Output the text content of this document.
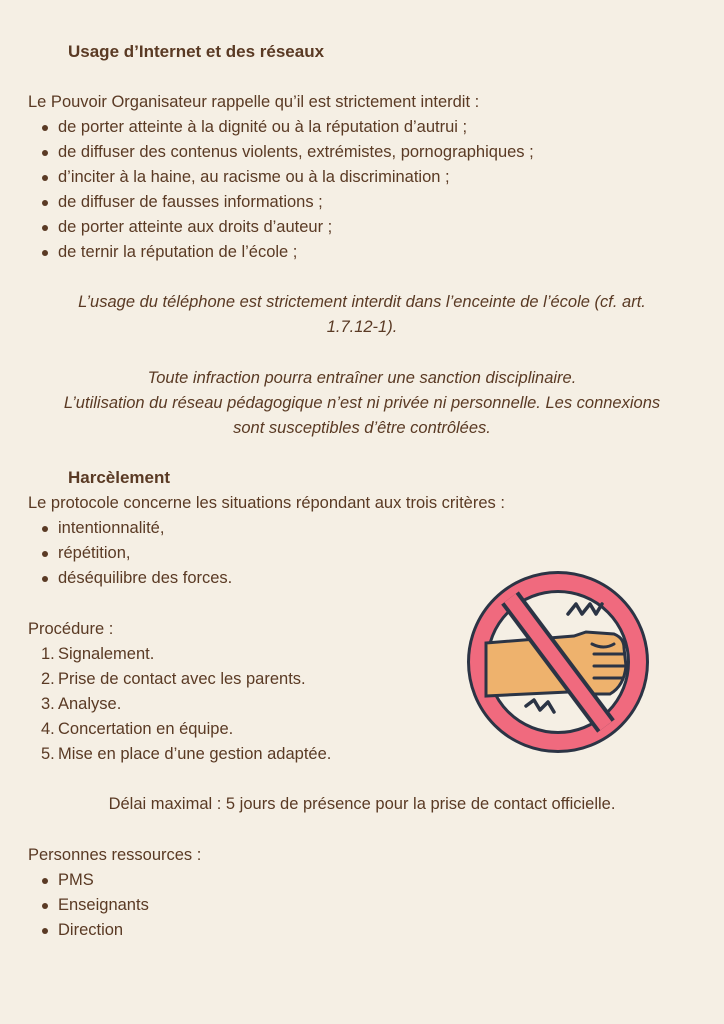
Usage d’Internet et des réseaux
Le Pouvoir Organisateur rappelle qu’il est strictement interdit :
de porter atteinte à la dignité ou à la réputation d’autrui ;
de diffuser des contenus violents, extrémistes, pornographiques ;
d’inciter à la haine, au racisme ou à la discrimination ;
de diffuser de fausses informations ;
de porter atteinte aux droits d’auteur ;
de ternir la réputation de l’école ;
L’usage du téléphone est strictement interdit dans l’enceinte de l’école (cf. art.
1.7.12-1).
Toute infraction pourra entraîner une sanction disciplinaire.
L’utilisation du réseau pédagogique n’est ni privée ni personnelle. Les connexions
sont susceptibles d’être contrôlées.
Harcèlement
Le protocole concerne les situations répondant aux trois critères :
intentionnalité,
répétition,
déséquilibre des forces.
Procédure :
1. Signalement.
2. Prise de contact avec les parents.
3. Analyse.
4. Concertation en équipe.
5. Mise en place d’une gestion adaptée.
Délai maximal : 5 jours de présence pour la prise de contact officielle.
Personnes ressources :
PMS
Enseignants
Direction
